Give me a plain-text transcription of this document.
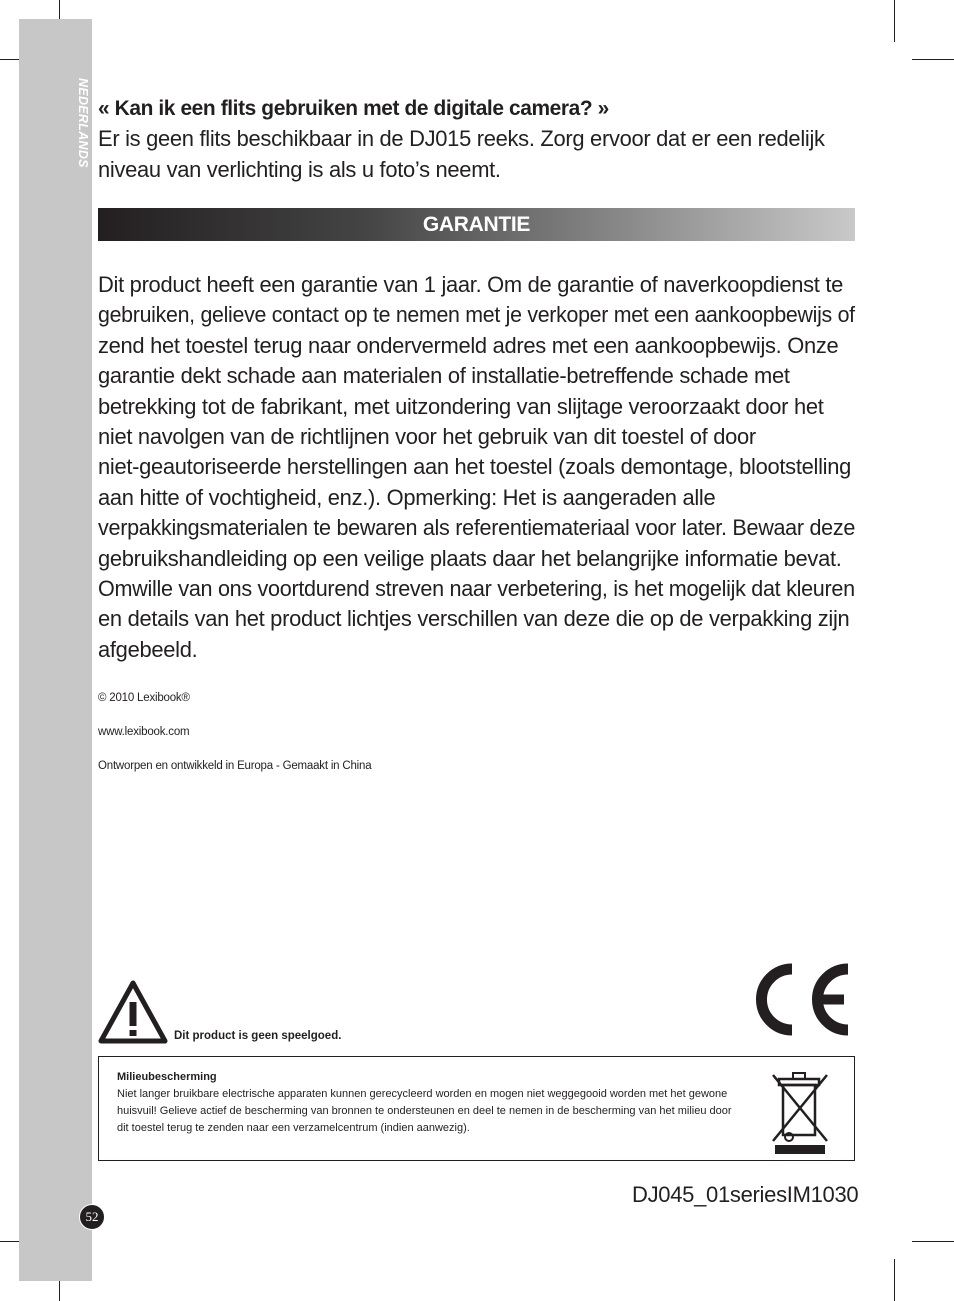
NEDERLANDS
52
« Kan ik een flits gebruiken met de digitale camera? »
Er is geen flits beschikbaar in de DJ015 reeks. Zorg ervoor dat er een redelijk
niveau van verlichting is als u foto’s neemt.
GARANTIE
Dit product heeft een garantie van 1 jaar. Om de garantie of naverkoopdienst te
gebruiken, gelieve contact op te nemen met je verkoper met een aankoopbewijs of
zend het toestel terug naar ondervermeld adres met een aankoopbewijs. Onze
garantie dekt schade aan materialen of installatie-betreffende schade met
betrekking tot de fabrikant, met uitzondering van slijtage veroorzaakt door het
niet navolgen van de richtlijnen voor het gebruik van dit toestel of door
niet-geautoriseerde herstellingen aan het toestel (zoals demontage, blootstelling
aan hitte of vochtigheid, enz.). Opmerking: Het is aangeraden alle
verpakkingsmaterialen te bewaren als referentiemateriaal voor later. Bewaar deze
gebruikshandleiding op een veilige plaats daar het belangrijke informatie bevat.
Omwille van ons voortdurend streven naar verbetering, is het mogelijk dat kleuren
en details van het product lichtjes verschillen van deze die op de verpakking zijn
afgebeeld.
© 2010 Lexibook®
www.lexibook.com
Ontworpen en ontwikkeld in Europa - Gemaakt in China
Dit product is geen speelgoed.
Milieubescherming
Niet langer bruikbare electrische apparaten kunnen gerecycleerd worden en mogen niet weggegooid worden met het gewone
huisvuil! Gelieve actief de bescherming van bronnen te ondersteunen en deel te nemen in de bescherming van het milieu door
dit toestel terug te zenden naar een verzamelcentrum (indien aanwezig).
DJ045_01seriesIM1030
